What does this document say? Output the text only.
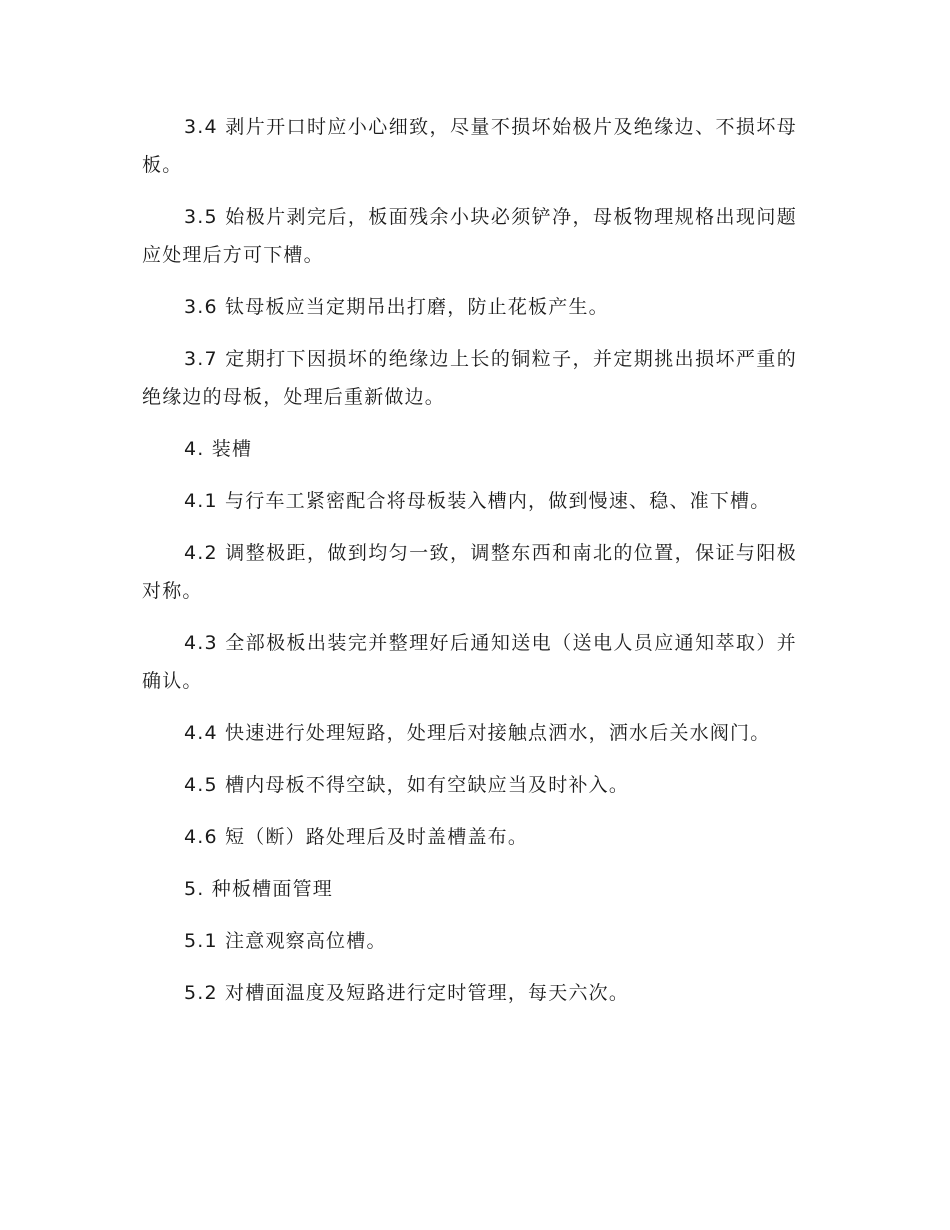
3.4 剥片开口时应小心细致，尽量不损坏始极片及绝缘边、不损坏母板。

3.5 始极片剥完后，板面残余小块必须铲净，母板物理规格出现问题应处理后方可下槽。

3.6 钛母板应当定期吊出打磨，防止花板产生。

3.7 定期打下因损坏的绝缘边上长的铜粒子，并定期挑出损坏严重的绝缘边的母板，处理后重新做边。

4. 装槽

4.1 与行车工紧密配合将母板装入槽内，做到慢速、稳、准下槽。

4.2 调整极距，做到均匀一致，调整东西和南北的位置，保证与阳极对称。

4.3 全部极板出装完并整理好后通知送电（送电人员应通知萃取）并确认。

4.4 快速进行处理短路，处理后对接触点洒水，洒水后关水阀门。

4.5 槽内母板不得空缺，如有空缺应当及时补入。

4.6 短（断）路处理后及时盖槽盖布。

5. 种板槽面管理

5.1 注意观察高位槽。

5.2 对槽面温度及短路进行定时管理，每天六次。
